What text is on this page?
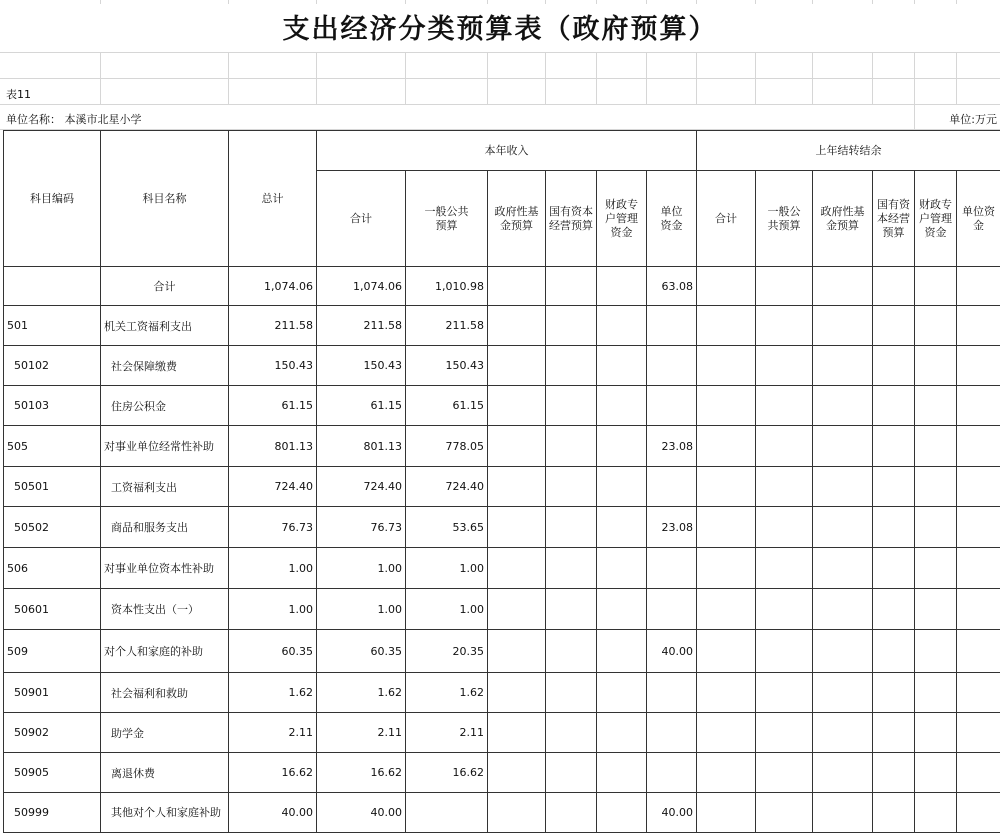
支出经济分类预算表（政府预算）
表11
单位名称： 本溪市北星小学	单位:万元
科目编码	科目名称	总计	本年收入						上年结转结余					
			合计	一般公共预算	政府性基金预算	国有资本经营预算	财政专户管理资金	单位资金	合计	一般公共预算	政府性基金预算	国有资本经营预算	财政专户管理资金	单位资金
	合计	1,074.06	1,074.06	1,010.98				63.08						
501	机关工资福利支出	211.58	211.58	211.58										
50102	社会保障缴费	150.43	150.43	150.43										
50103	住房公积金	61.15	61.15	61.15										
505	对事业单位经常性补助	801.13	801.13	778.05				23.08						
50501	工资福利支出	724.40	724.40	724.40										
50502	商品和服务支出	76.73	76.73	53.65				23.08						
506	对事业单位资本性补助	1.00	1.00	1.00										
50601	资本性支出（一）	1.00	1.00	1.00										
509	对个人和家庭的补助	60.35	60.35	20.35				40.00						
50901	社会福利和救助	1.62	1.62	1.62										
50902	助学金	2.11	2.11	2.11										
50905	离退休费	16.62	16.62	16.62										
50999	其他对个人和家庭补助	40.00	40.00					40.00						
